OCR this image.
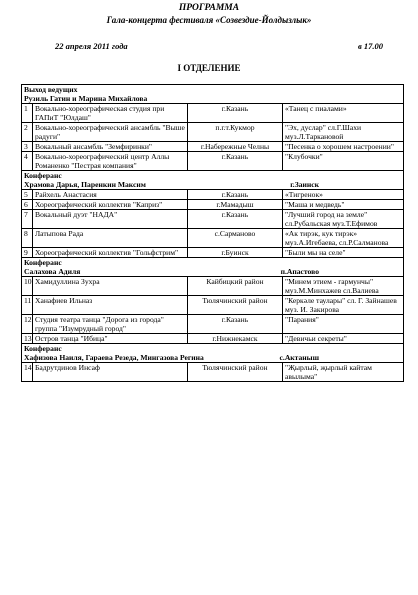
ПРОГРАММА
Гала-концерта фестиваля «Созвездие-Йолдызлык»
22 апреля 2011 года	в 17.00
I ОТДЕЛЕНИЕ
Выход ведущих
Рузиль Гатин и Марина Михайлова			

1	Вокально-хореографическая студия при ГАПиТ "Юлдаш"	г.Казань	«Танец с пиалами»
2	Вокально-хореографический ансамбль "Выше радуги"	п.г.т.Кукмор	"Эх, дуслар" сл.Г.Шахи муз.Л.Таркановой
3	Вокальный ансамбль "Земфиринки"	г.Набережные Челны	"Песенка о хорошем настроении"
4	Вокально-хореографический центр Аллы Романенко "Пестрая компания"	г.Казань	"Клубочки"

Конферанс
Храмова Дарья, Паренкин Максим г.Заинск			

5	Райхель Анастасия	г.Казань	«Тигренок»
6	Хореографический коллектив "Каприз"	г.Мамадыш	"Маша и медведь"
7	Вокальный дуэт "НАДА"	г.Казань	"Лучший город на земле" сл.Рубальская муз.Т.Ефимов
8	Латыпова Рада	с.Сарманово	«Ак тирэк, кук тирэк» муз.А.Игебаева, сл.Р.Салманова
9	Хореографический коллектив "Гольфстрим"	г.Буинск	"Были мы на селе"

Конферанс
Салахова Адиля п.Апастово			

10	Хамидуллина Зухра	Кайбицкий район	"Минем этием - гармунчы" муз.М.Минхажев сл.Валиева
11	Ханафиев Ильназ	Тюлячинский район	"Керкәле таулары" сл. Г. Зайнашев муз. И. Закирова
12	Студия театра танца "Дорога из города" группа "Изумрудный город"	г.Казань	"Парания"
13	Остров танца "Ибица"	г.Нижнекамск	"Девичьи секреты"

Конферанс
Хафизова Наиля, Гараева Резеда, Мингазова Регина с.Актаныш			

14	Бадрутдинов Инсаф	Тюлячинский район	"Җырлый, җырлый кайтам авылыма"
